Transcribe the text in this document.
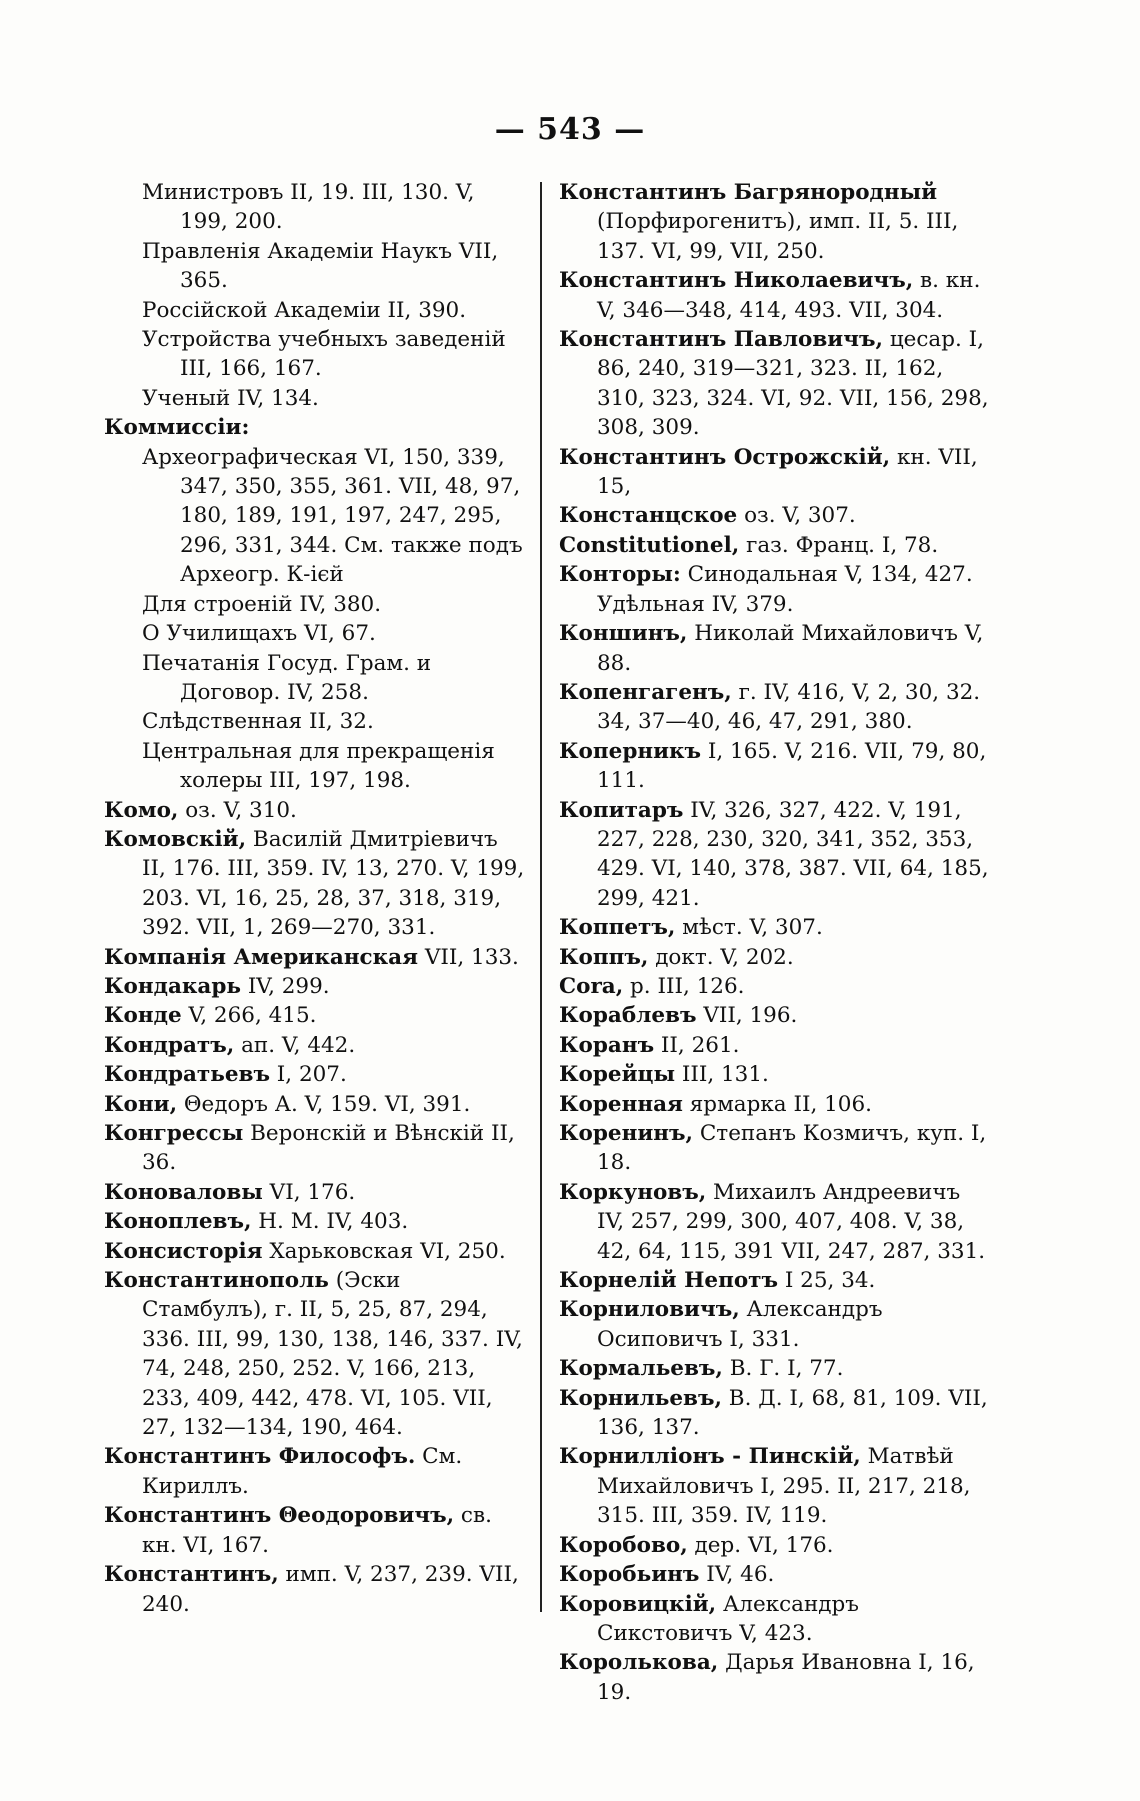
— 543 —
Министровъ II, 19. III, 130. V, 199, 200.
Правленія Академіи Наукъ VII, 365.
Россійской Академіи II, 390.
Устройства учебныхъ заведеній III, 166, 167.
Ученый IV, 134.
Коммиссіи:
Археографическая VI, 150, 339, 347, 350, 355, 361. VII, 48, 97, 180, 189, 191, 197, 247, 295, 296, 331, 344. См. также подъ Археогр. К-ієй
Для строеній IV, 380.
О Училищахъ VI, 67.
Печатанія Госуд. Грам. и Договор. IV, 258.
Слѣдственная II, 32.
Центральная для прекращенія холеры III, 197, 198.
Комо, оз. V, 310.
Комовскій, Василій Дмитріевичъ II, 176. III, 359. IV, 13, 270. V, 199, 203. VI, 16, 25, 28, 37, 318, 319, 392. VII, 1, 269—270, 331.
Компанія Американская VII, 133.
Кондакарь IV, 299.
Конде V, 266, 415.
Кондратъ, ап. V, 442.
Кондратьевъ I, 207.
Кони, Θедоръ А. V, 159. VI, 391.
Конгрессы Веронскій и Вѣнскій II, 36.
Коноваловы VI, 176.
Коноплевъ, Н. М. IV, 403.
Консисторія Харьковская VI, 250.
Константинополь (Эски Стамбулъ), г. II, 5, 25, 87, 294, 336. III, 99, 130, 138, 146, 337. IV, 74, 248, 250, 252. V, 166, 213, 233, 409, 442, 478. VI, 105. VII, 27, 132—134, 190, 464.
Константинъ Философъ. См. Кириллъ.
Константинъ Θеодоровичъ, св. кн. VI, 167.
Константинъ, имп. V, 237, 239. VII, 240.
Константинъ Багрянородный (Порфирогенитъ), имп. II, 5. III, 137. VI, 99, VII, 250.
Константинъ Николаевичъ, в. кн. V, 346—348, 414, 493. VII, 304.
Константинъ Павловичъ, цесар. I, 86, 240, 319—321, 323. II, 162, 310, 323, 324. VI, 92. VII, 156, 298, 308, 309.
Константинъ Острожскій, кн. VII, 15,
Констанцское оз. V, 307.
Constitutionel, газ. Франц. I, 78.
Конторы: Синодальная V, 134, 427. Удѣльная IV, 379.
Коншинъ, Николай Михайловичъ V, 88.
Копенгагенъ, г. IV, 416, V, 2, 30, 32. 34, 37—40, 46, 47, 291, 380.
Коперникъ I, 165. V, 216. VII, 79, 80, 111.
Копитаръ IV, 326, 327, 422. V, 191, 227, 228, 230, 320, 341, 352, 353, 429. VI, 140, 378, 387. VII, 64, 185, 299, 421.
Коппетъ, мѣст. V, 307.
Коппъ, докт. V, 202.
Cora, р. III, 126.
Кораблевъ VII, 196.
Коранъ II, 261.
Корейцы III, 131.
Коренная ярмарка II, 106.
Коренинъ, Степанъ Козмичъ, куп. I, 18.
Коркуновъ, Михаилъ Андреевичъ IV, 257, 299, 300, 407, 408. V, 38, 42, 64, 115, 391 VII, 247, 287, 331.
Корнелій Непотъ I 25, 34.
Корниловичъ, Александръ Осиповичъ I, 331.
Кормальевъ, В. Г. I, 77.
Корнильевъ, В. Д. I, 68, 81, 109. VII, 136, 137.
Корнилліонъ - Пинскій, Матвѣй Михайловичъ I, 295. II, 217, 218, 315. III, 359. IV, 119.
Коробово, дер. VI, 176.
Коробьинъ IV, 46.
Коровицкій, Александръ Сикстовичъ V, 423.
Королькова, Дарья Ивановна I, 16, 19.
